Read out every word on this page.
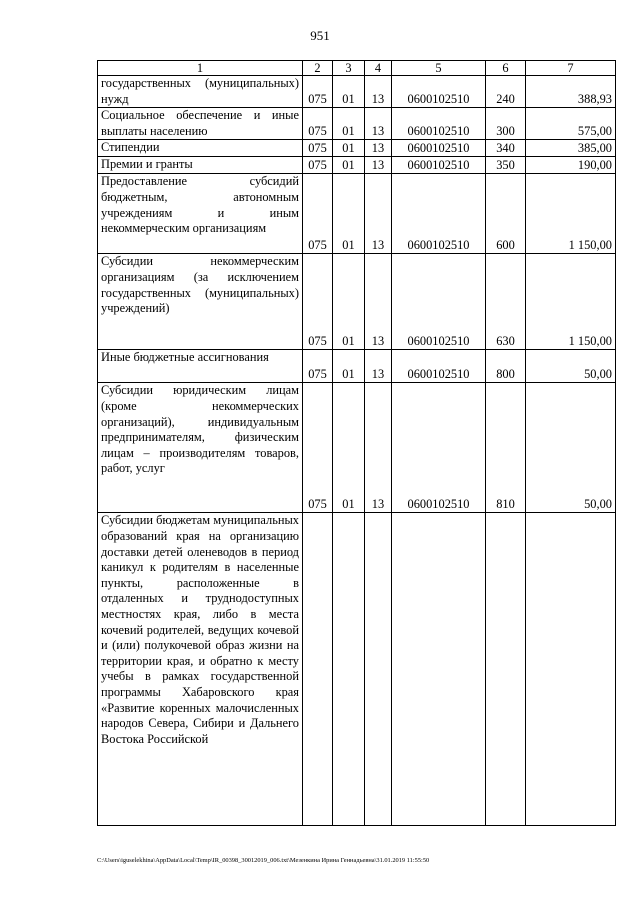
951
1	2	3	4	5	6	7
государственных (муниципальных) нужд	075	01	13	0600102510	240	388,93
Социальное обеспечение и иные выплаты населению	075	01	13	0600102510	300	575,00
Стипендии	075	01	13	0600102510	340	385,00
Премии и гранты	075	01	13	0600102510	350	190,00
Предоставление субсидий бюджетным, автономным учреждениям и иным некоммерческим организациям	075	01	13	0600102510	600	1 150,00
Субсидии некоммерческим организациям (за исключением государственных (муниципальных) учреждений)	075	01	13	0600102510	630	1 150,00
Иные бюджетные ассигнования	075	01	13	0600102510	800	50,00
Субсидии юридическим лицам (кроме некоммерческих организаций), индивидуальным предпринимателям, физическим лицам – производителям товаров, работ, услуг	075	01	13	0600102510	810	50,00
Субсидии бюджетам муниципальных образований края на организацию доставки детей оленеводов в период каникул к родителям в населенные пункты, расположенные в отдаленных и труднодоступных местностях края, либо в места кочевий родителей, ведущих кочевой и (или) полукочевой образ жизни на территории края, и обратно к месту учебы в рамках государственной программы Хабаровского края «Развитие коренных малочисленных народов Севера, Сибири и Дальнего Востока Российской						
C:\Users\iguselekhina\AppData\Local\Temp\IR_00398_30012019_006.txt\Мезенкина Ирина Геннадьевна\31.01.2019 11:55:50
